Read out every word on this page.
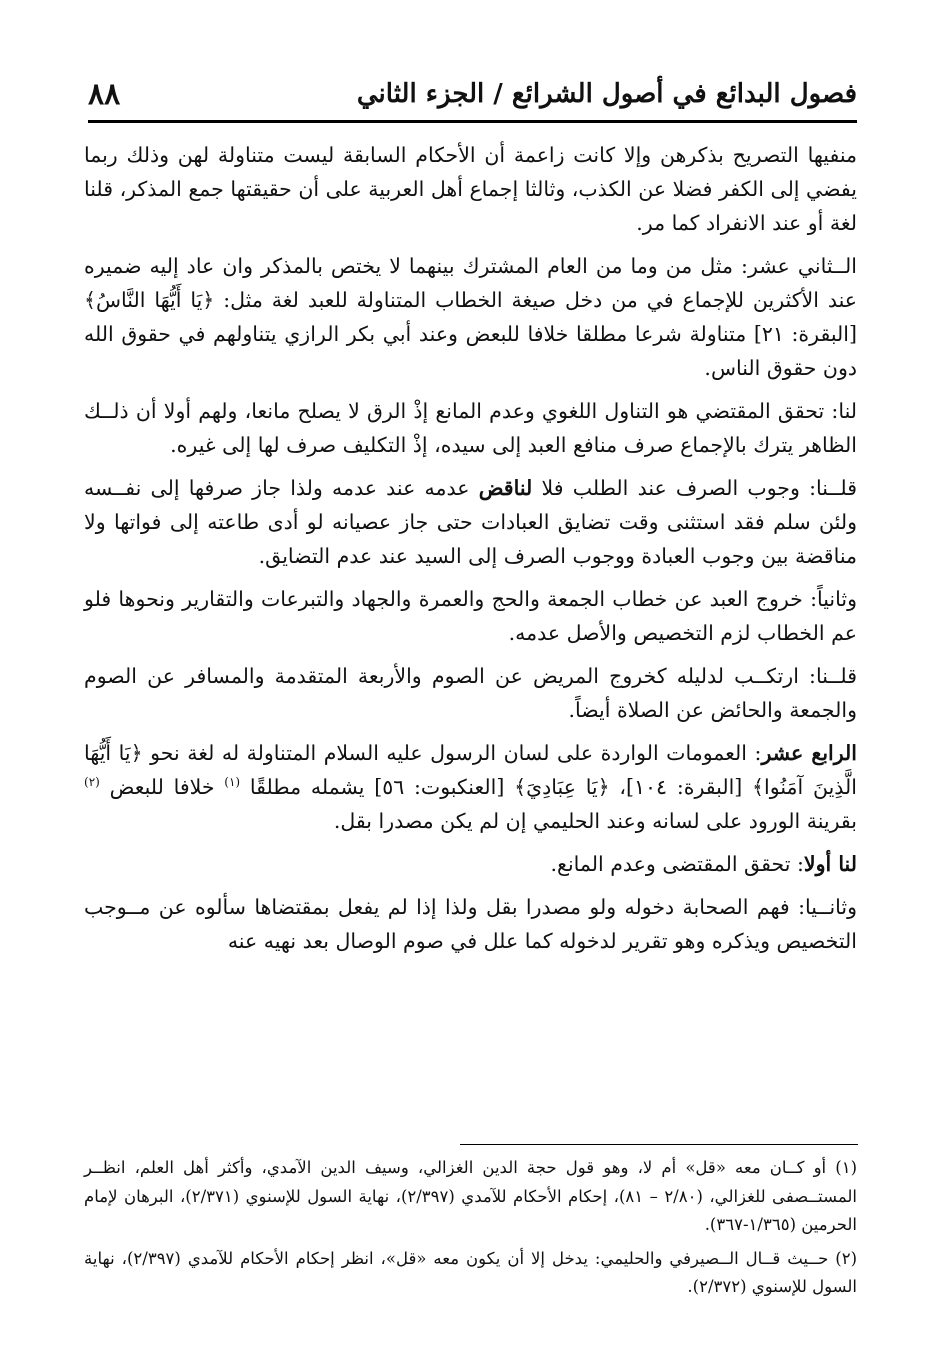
فصول البدائع في أصول الشرائع / الجزء الثاني
٨٨

منفيها التصريح بذكرهن وإلا كانت زاعمة أن الأحكام السابقة ليست متناولة لهن وذلك ربما يفضي إلى الكفر فضلا عن الكذب، وثالثا إجماع أهل العربية على أن حقيقتها جمع المذكر، قلنا لغة أو عند الانفراد كما مر.

الــثاني عشر: مثل من وما من العام المشترك بينهما لا يختص بالمذكر وان عاد إليه ضميره عند الأكثرين للإجماع في من دخل صيغة الخطاب المتناولة للعبد لغة مثل: ﴿يَا أَيُّهَا النَّاسُ﴾ [البقرة: ٢١] متناولة شرعا مطلقا خلافا للبعض وعند أبي بكر الرازي يتناولهم في حقوق الله دون حقوق الناس.

لنا: تحقق المقتضي هو التناول اللغوي وعدم المانع إذْ الرق لا يصلح مانعا، ولهم أولا أن ذلــك الظاهر يترك بالإجماع صرف منافع العبد إلى سيده، إذْ التكليف صرف لها إلى غيره.

قلــنا: وجوب الصرف عند الطلب فلا لناقض عدمه عند عدمه ولذا جاز صرفها إلى نفــسه ولئن سلم فقد استثنى وقت تضايق العبادات حتى جاز عصيانه لو أدى طاعته إلى فواتها ولا مناقضة بين وجوب العبادة ووجوب الصرف إلى السيد عند عدم التضايق.

وثانياً: خروج العبد عن خطاب الجمعة والحج والعمرة والجهاد والتبرعات والتقارير ونحوها فلو عم الخطاب لزم التخصيص والأصل عدمه.

قلــنا: ارتكــب لدليله كخروج المريض عن الصوم والأربعة المتقدمة والمسافر عن الصوم والجمعة والحائض عن الصلاة أيضاً.

الرابع عشر: العمومات الواردة على لسان الرسول عليه السلام المتناولة له لغة نحو ﴿يَا أَيُّهَا الَّذِينَ آمَنُوا﴾ [البقرة: ١٠٤]، ﴿يَا عِبَادِيَ﴾ [العنكبوت: ٥٦] يشمله مطلقًا $^{(١)}$ خلافا للبعض $^{(٢)}$ بقرينة الورود على لسانه وعند الحليمي إن لم يكن مصدرا بقل.

لنا أولا: تحقق المقتضى وعدم المانع.

وثانــيا: فهم الصحابة دخوله ولو مصدرا بقل ولذا إذا لم يفعل بمقتضاها سألوه عن مــوجب التخصيص ويذكره وهو تقرير لدخوله كما علل في صوم الوصال بعد نهيه عنه

(١) أو كــان معه «قل» أم لا، وهو قول حجة الدين الغزالي، وسيف الدين الآمدي، وأكثر أهل العلم، انظــر المستــصفى للغزالي، (٢/٨٠ – ٨١)، إحكام الأحكام للآمدي (٢/٣٩٧)، نهاية السول للإسنوي (٢/٣٧١)، البرهان لإمام الحرمين (١/٣٦٥-٣٦٧).

(٢) حــيث قــال الــصيرفي والحليمي: يدخل إلا أن يكون معه «قل»، انظر إحكام الأحكام للآمدي (٢/٣٩٧)، نهاية السول للإسنوي (٢/٣٧٢).
